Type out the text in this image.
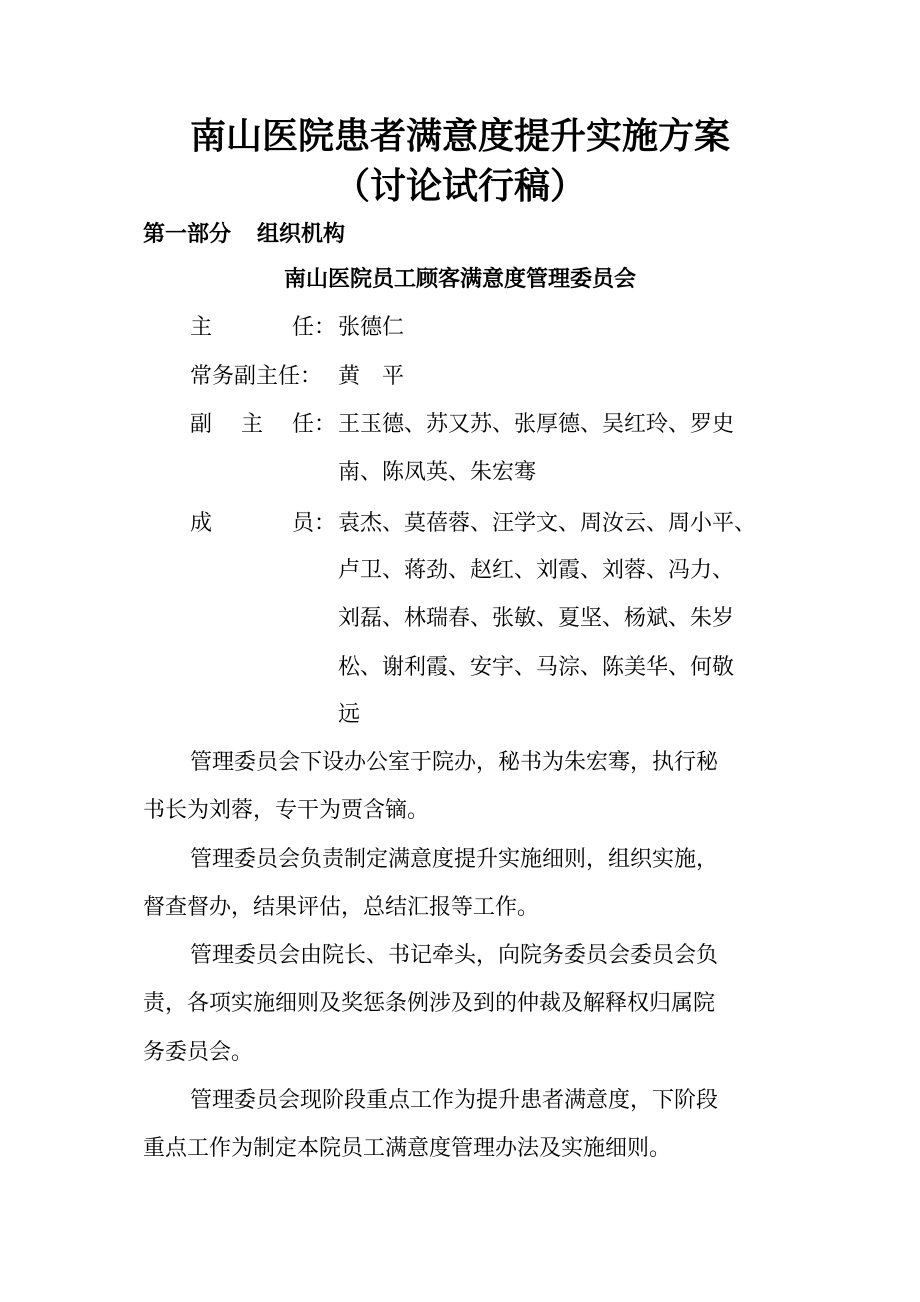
南山医院患者满意度提升实施方案
（讨论试行稿）
第一部分 组织机构
南山医院员工顾客满意度管理委员会
主	任： 张德仁
常务副主任： 黄　平
副 主 任： 王玉德、苏又苏、张厚德、吴红玲、罗史
南、陈凤英、朱宏骞
成	员： 袁杰、莫蓓蓉、汪学文、周汝云、周小平、
卢卫、蒋劲、赵红、刘霞、刘蓉、冯力、
刘磊、林瑞春、张敏、夏坚、杨斌、朱岁
松、谢利霞、安宇、马淙、陈美华、何敬
远
管理委员会下设办公室于院办，秘书为朱宏骞，执行秘
书长为刘蓉，专干为贾含镝。
管理委员会负责制定满意度提升实施细则，组织实施，
督查督办，结果评估，总结汇报等工作。
管理委员会由院长、书记牵头，向院务委员会委员会负
责，各项实施细则及奖惩条例涉及到的仲裁及解释权归属院
务委员会。
管理委员会现阶段重点工作为提升患者满意度，下阶段
重点工作为制定本院员工满意度管理办法及实施细则。
